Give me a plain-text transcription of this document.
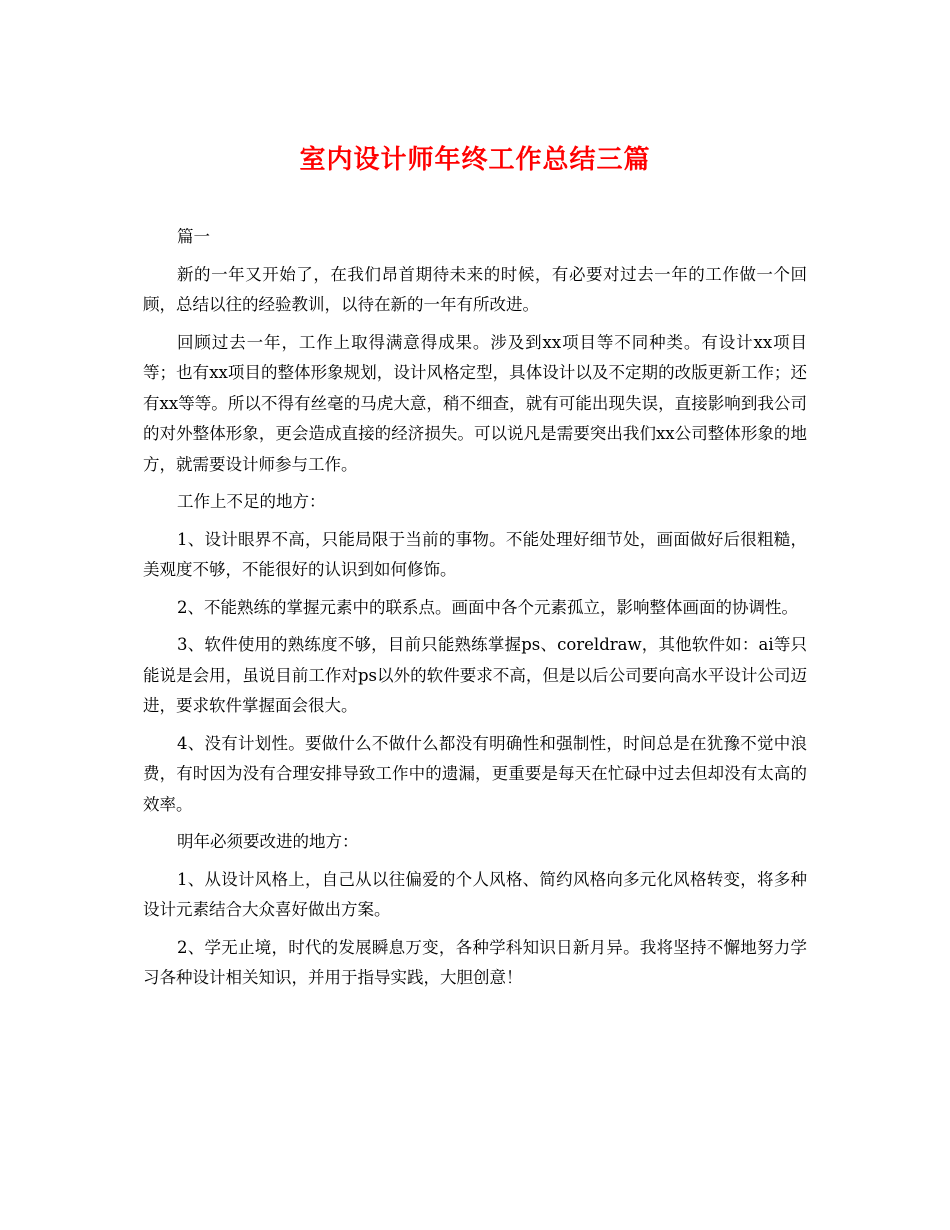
室内设计师年终工作总结三篇

篇一

新的一年又开始了，在我们昂首期待未来的时候，有必要对过去一年的工作做一个回顾，总结以往的经验教训，以待在新的一年有所改进。

回顾过去一年，工作上取得满意得成果。涉及到xx项目等不同种类。有设计xx项目等；也有xx项目的整体形象规划，设计风格定型，具体设计以及不定期的改版更新工作；还有xx等等。所以不得有丝毫的马虎大意，稍不细查，就有可能出现失误，直接影响到我公司的对外整体形象，更会造成直接的经济损失。可以说凡是需要突出我们xx公司整体形象的地方，就需要设计师参与工作。

工作上不足的地方：

1、设计眼界不高，只能局限于当前的事物。不能处理好细节处，画面做好后很粗糙，美观度不够，不能很好的认识到如何修饰。

2、不能熟练的掌握元素中的联系点。画面中各个元素孤立，影响整体画面的协调性。

3、软件使用的熟练度不够，目前只能熟练掌握ps、coreldraw，其他软件如：ai等只能说是会用，虽说目前工作对ps以外的软件要求不高，但是以后公司要向高水平设计公司迈进，要求软件掌握面会很大。

4、没有计划性。要做什么不做什么都没有明确性和强制性，时间总是在犹豫不觉中浪费，有时因为没有合理安排导致工作中的遗漏，更重要是每天在忙碌中过去但却没有太高的效率。

明年必须要改进的地方：

1、从设计风格上，自己从以往偏爱的个人风格、简约风格向多元化风格转变，将多种设计元素结合大众喜好做出方案。

2、学无止境，时代的发展瞬息万变，各种学科知识日新月异。我将坚持不懈地努力学习各种设计相关知识，并用于指导实践，大胆创意！
